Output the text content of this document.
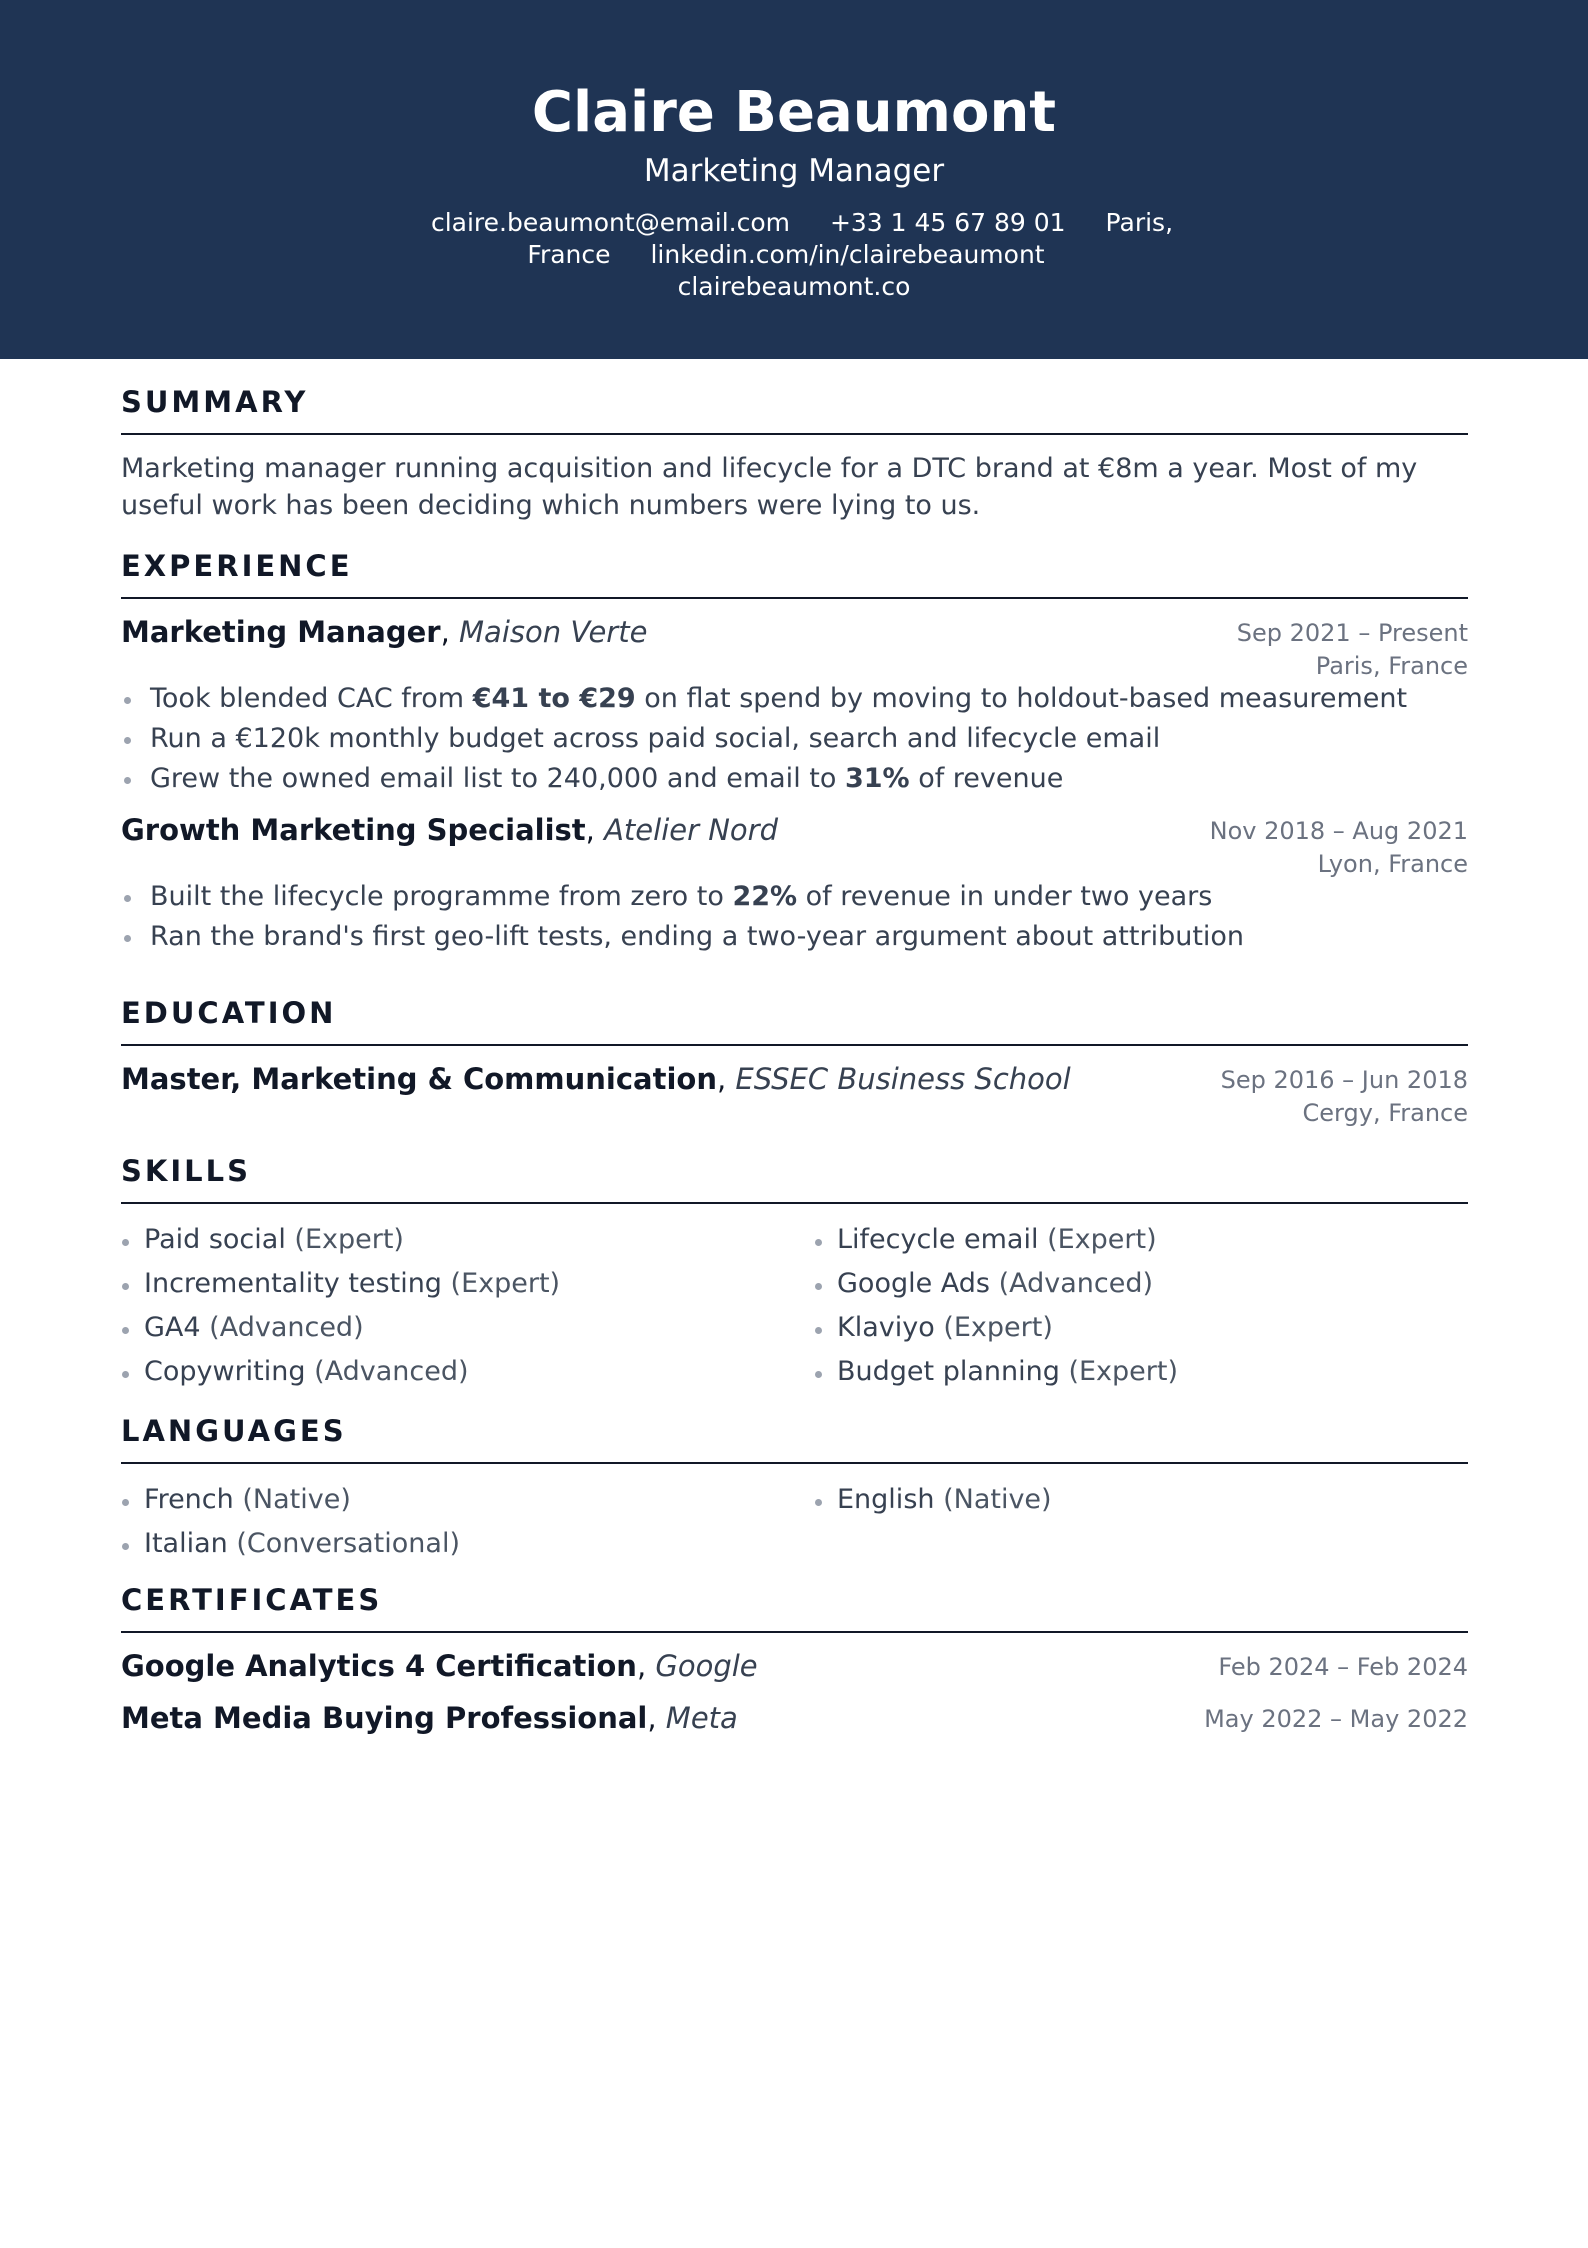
Claire Beaumont
Marketing Manager
claire.beaumont@email.com +33 1 45 67 89 01 Paris, France linkedin.com/in/clairebeaumont clairebeaumont.co
SUMMARY
Marketing manager running acquisition and lifecycle for a DTC brand at €8m a year. Most of my useful work has been deciding which numbers were lying to us.
EXPERIENCE
Marketing Manager, Maison Verte	Sep 2021 – Present
Paris, France
Took blended CAC from €41 to €29 on flat spend by moving to holdout-based measurement
Run a €120k monthly budget across paid social, search and lifecycle email
Grew the owned email list to 240,000 and email to 31% of revenue
Growth Marketing Specialist, Atelier Nord	Nov 2018 – Aug 2021
Lyon, France
Built the lifecycle programme from zero to 22% of revenue in under two years
Ran the brand's first geo-lift tests, ending a two-year argument about attribution
EDUCATION
Master, Marketing & Communication, ESSEC Business School	Sep 2016 – Jun 2018
Cergy, France
SKILLS
Paid social (Expert)	Lifecycle email (Expert)
Incrementality testing (Expert)	Google Ads (Advanced)
GA4 (Advanced)	Klaviyo (Expert)
Copywriting (Advanced)	Budget planning (Expert)
LANGUAGES
French (Native)	English (Native)
Italian (Conversational)
CERTIFICATES
Google Analytics 4 Certification, Google	Feb 2024 – Feb 2024
Meta Media Buying Professional, Meta	May 2022 – May 2022
